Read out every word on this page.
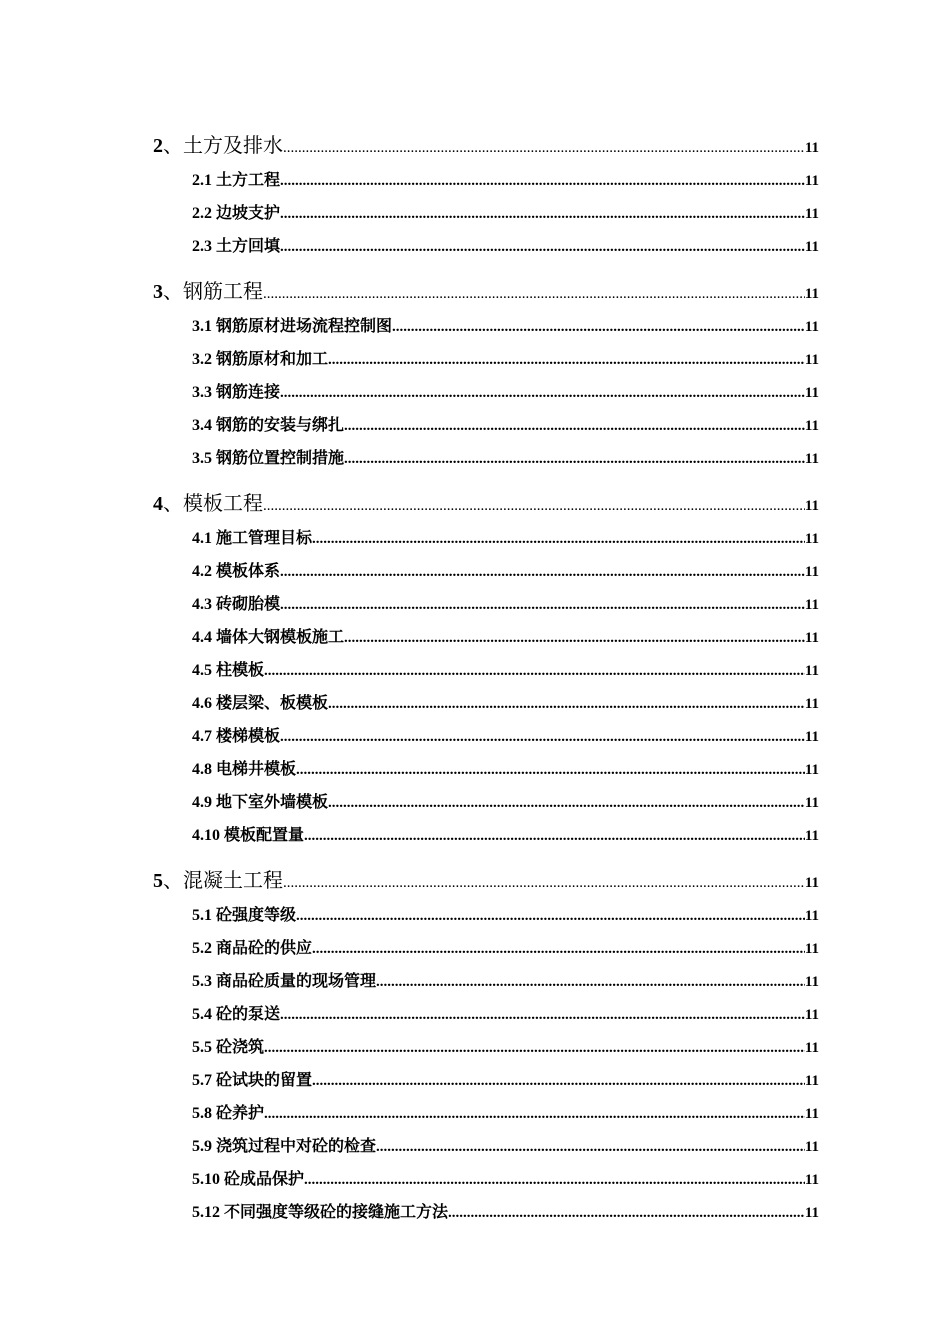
2、土方及排水 .....	11
2.1 土方工程 .....	11
2.2 边坡支护 .....	11
2.3 土方回填 .....	11
3、钢筋工程 .....	11
3.1 钢筋原材进场流程控制图 .....	11
3.2 钢筋原材和加工 .....	11
3.3 钢筋连接 .....	11
3.4 钢筋的安装与绑扎 .....	11
3.5 钢筋位置控制措施 .....	11
4、模板工程 .....	11
4.1 施工管理目标 .....	11
4.2 模板体系 .....	11
4.3 砖砌胎模 .....	11
4.4 墙体大钢模板施工 .....	11
4.5 柱模板 .....	11
4.6 楼层梁、板模板 .....	11
4.7 楼梯模板 .....	11
4.8 电梯井模板 .....	11
4.9 地下室外墙模板 .....	11
4.10 模板配置量 .....	11
5、混凝土工程 .....	11
5.1 砼强度等级 .....	11
5.2 商品砼的供应 .....	11
5.3 商品砼质量的现场管理 .....	11
5.4 砼的泵送 .....	11
5.5 砼浇筑 .....	11
5.7 砼试块的留置 .....	11
5.8 砼养护 .....	11
5.9 浇筑过程中对砼的检查 .....	11
5.10 砼成品保护 .....	11
5.12 不同强度等级砼的接缝施工方法 .....	11
